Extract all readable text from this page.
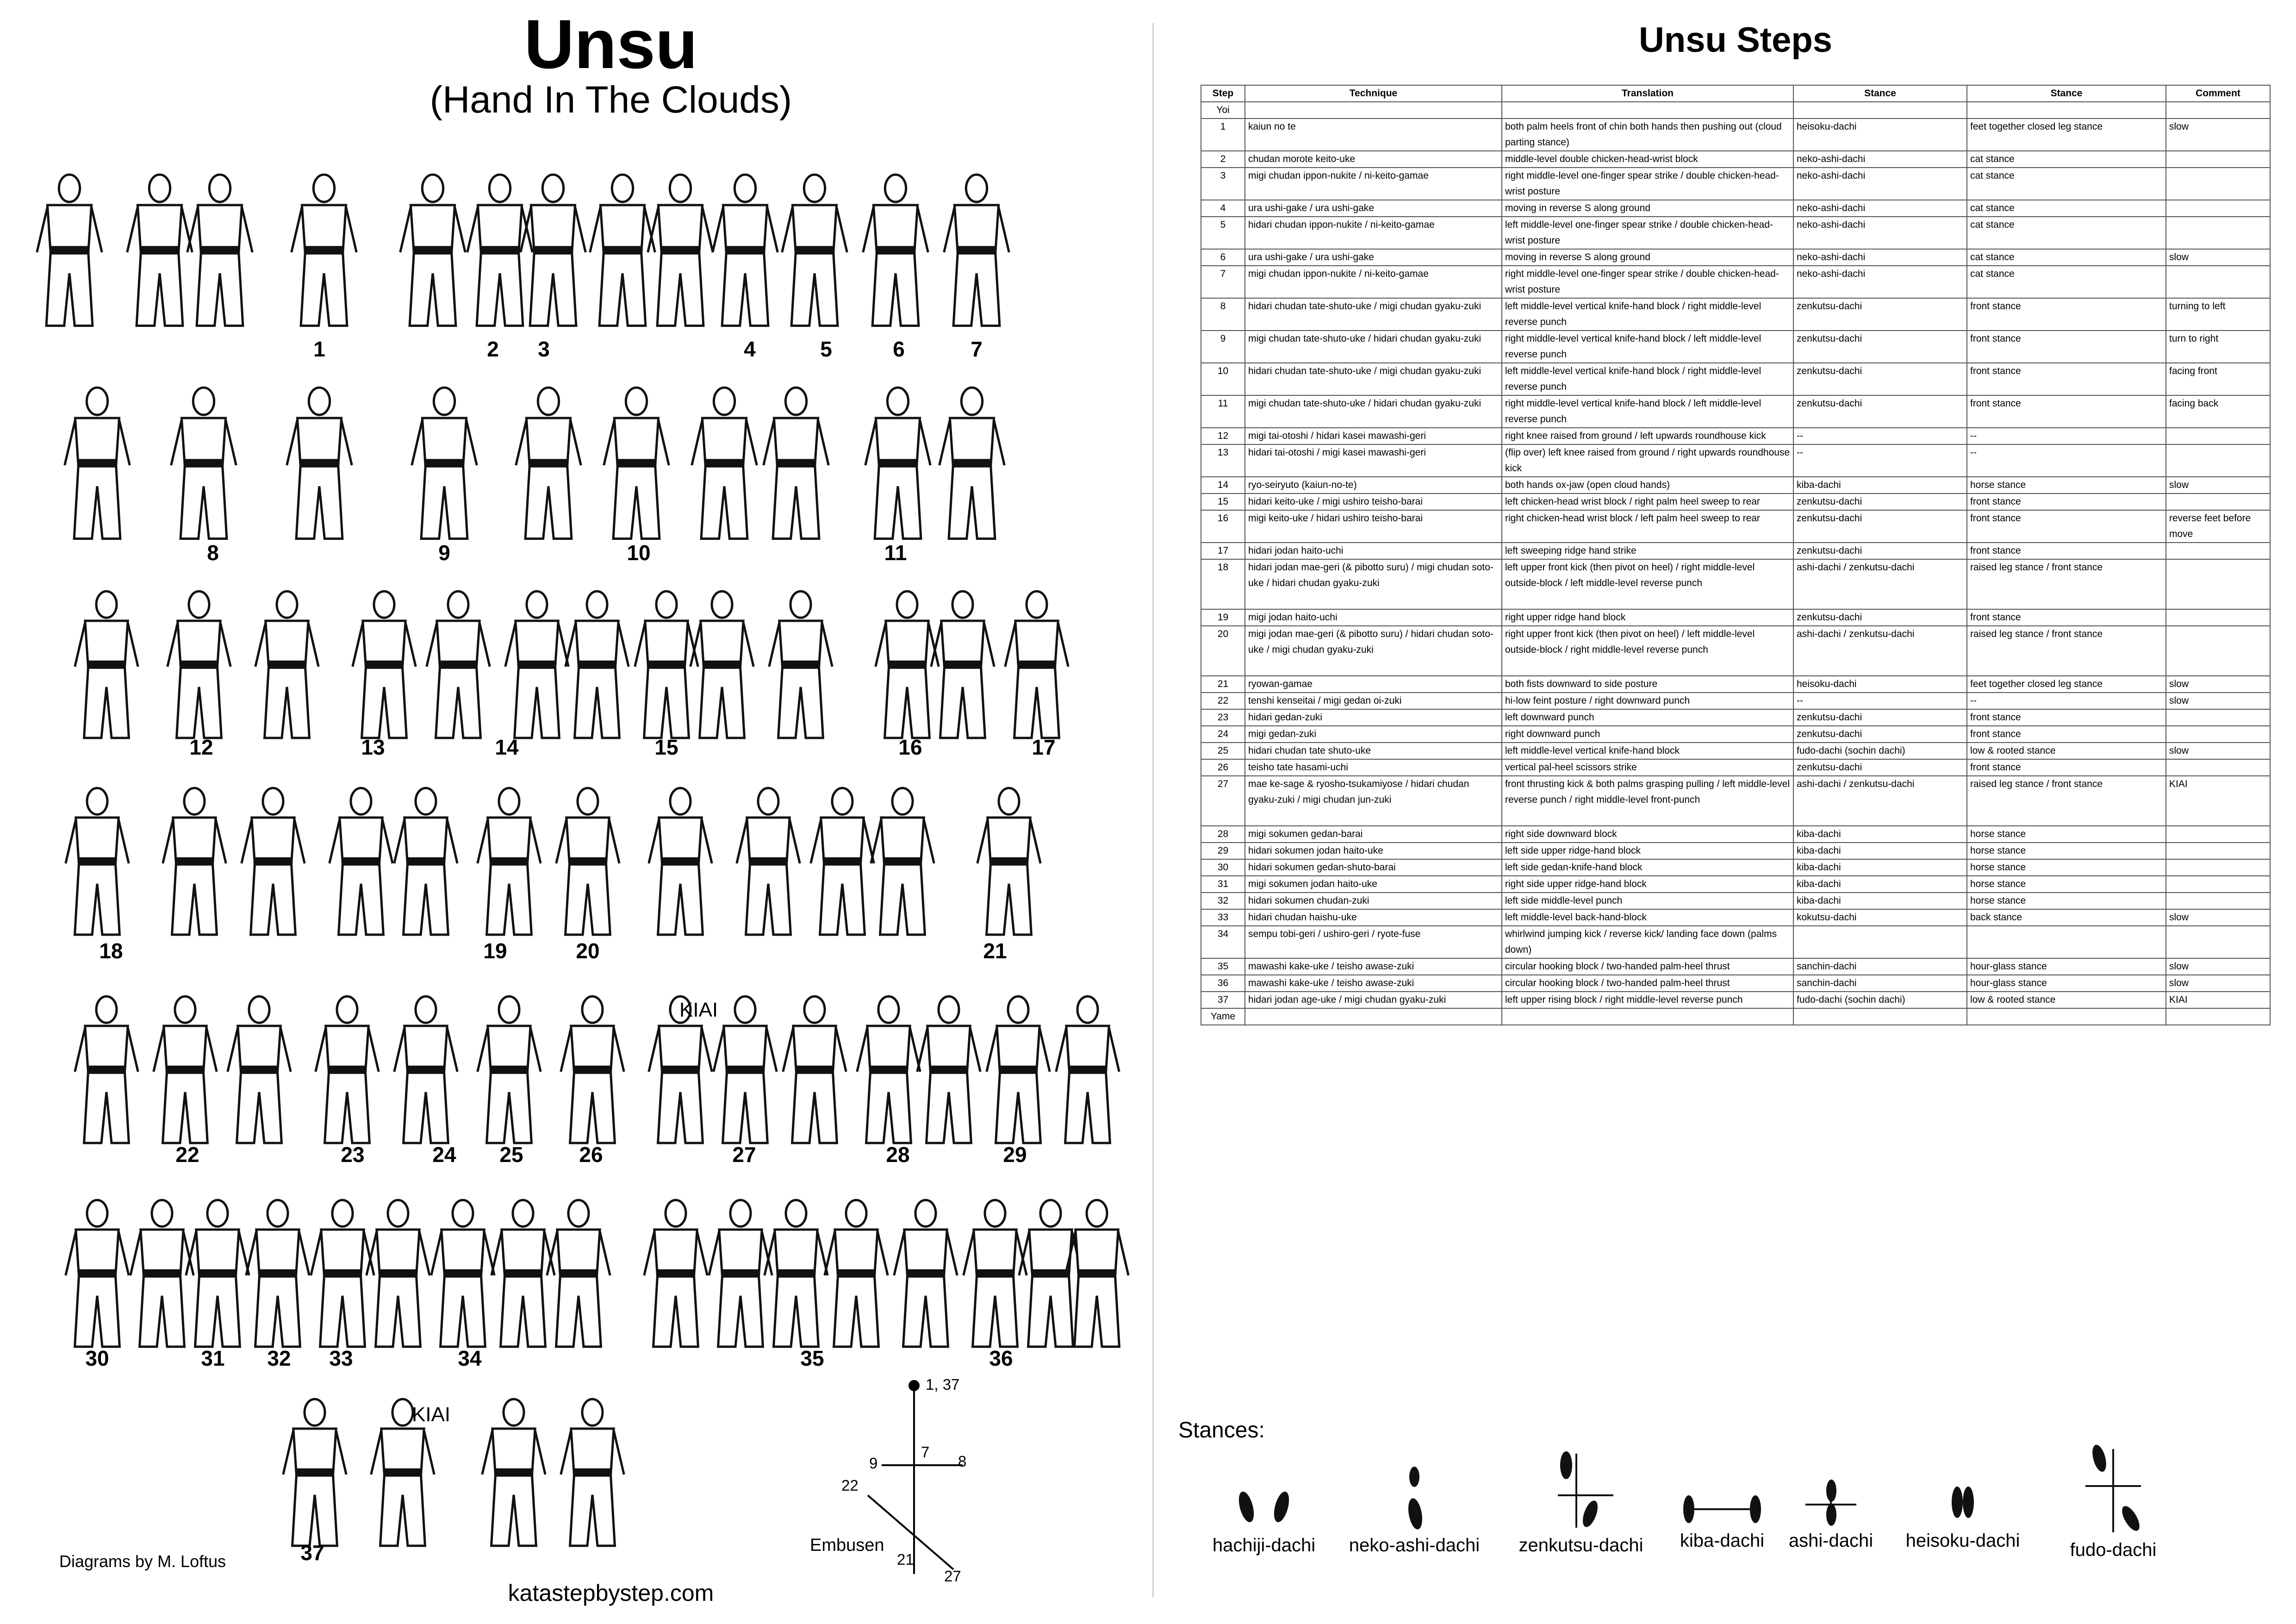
Unsu
(Hand In The Clouds)
1	2 3	4	5	6	7
8	9	10	11
12	13	14	15	16	17
18	19	20	21
22	23	24 25	26	27	28	29
30	31 32 33	34	35	36
37
KIAI
KIAI
1, 37
7
9	8
22
21
27
Embusen
Diagrams by M. Loftus
katastepbystep.com
Unsu Steps
Step	Technique	Translation	Stance	Stance	Comment
Yoi					
1	kaiun no te	both palm heels front of chin both hands then pushing out (cloud parting stance)	heisoku-dachi	feet together closed leg stance	slow
2	chudan morote keito-uke	middle-level double chicken-head-wrist block	neko-ashi-dachi	cat stance	
3	migi chudan ippon-nukite / ni-keito-gamae	right middle-level one-finger spear strike / double chicken-head-wrist posture	neko-ashi-dachi	cat stance	
4	ura ushi-gake / ura ushi-gake	moving in reverse S along ground	neko-ashi-dachi	cat stance	
5	hidari chudan ippon-nukite / ni-keito-gamae	left middle-level one-finger spear strike / double chicken-head-wrist posture	neko-ashi-dachi	cat stance	
6	ura ushi-gake / ura ushi-gake	moving in reverse S along ground	neko-ashi-dachi	cat stance	slow
7	migi chudan ippon-nukite / ni-keito-gamae	right middle-level one-finger spear strike / double chicken-head-wrist posture	neko-ashi-dachi	cat stance	
8	hidari chudan tate-shuto-uke / migi chudan gyaku-zuki	left middle-level vertical knife-hand block / right middle-level reverse punch	zenkutsu-dachi	front stance	turning to left
9	migi chudan tate-shuto-uke / hidari chudan gyaku-zuki	right middle-level vertical knife-hand block / left middle-level reverse punch	zenkutsu-dachi	front stance	turn to right
10	hidari chudan tate-shuto-uke / migi chudan gyaku-zuki	left middle-level vertical knife-hand block / right middle-level reverse punch	zenkutsu-dachi	front stance	facing front
11	migi chudan tate-shuto-uke / hidari chudan gyaku-zuki	right middle-level vertical knife-hand block / left middle-level reverse punch	zenkutsu-dachi	front stance	facing back
12	migi tai-otoshi / hidari kasei mawashi-geri	right knee raised from ground / left upwards roundhouse kick	--	--	
13	hidari tai-otoshi / migi kasei mawashi-geri	(flip over) left knee raised from ground / right upwards roundhouse kick	--	--	
14	ryo-seiryuto (kaiun-no-te)	both hands ox-jaw (open cloud hands)	kiba-dachi	horse stance	slow
15	hidari keito-uke / migi ushiro teisho-barai	left chicken-head wrist block / right palm heel sweep to rear	zenkutsu-dachi	front stance	
16	migi keito-uke / hidari ushiro teisho-barai	right chicken-head wrist block / left palm heel sweep to rear	zenkutsu-dachi	front stance	reverse feet before move
17	hidari jodan haito-uchi	left sweeping ridge hand strike	zenkutsu-dachi	front stance	
18	hidari jodan mae-geri (& pibotto suru) / migi chudan soto-uke / hidari chudan gyaku-zuki	left upper front kick (then pivot on heel) / right middle-level outside-block / left middle-level reverse punch	ashi-dachi / zenkutsu-dachi	raised leg stance / front stance	
19	migi jodan haito-uchi	right upper ridge hand block	zenkutsu-dachi	front stance	
20	migi jodan mae-geri (& pibotto suru) / hidari chudan soto-uke / migi chudan gyaku-zuki	right upper front kick (then pivot on heel) / left middle-level outside-block / right middle-level reverse punch	ashi-dachi / zenkutsu-dachi	raised leg stance / front stance	
21	ryowan-gamae	both fists downward to side posture	heisoku-dachi	feet together closed leg stance	slow
22	tenshi kenseitai / migi gedan oi-zuki	hi-low feint posture / right downward punch	--	--	slow
23	hidari gedan-zuki	left downward punch	zenkutsu-dachi	front stance	
24	migi gedan-zuki	right downward punch	zenkutsu-dachi	front stance	
25	hidari chudan tate shuto-uke	left middle-level vertical knife-hand block	fudo-dachi (sochin dachi)	low & rooted stance	slow
26	teisho tate hasami-uchi	vertical pal-heel scissors strike	zenkutsu-dachi	front stance	
27	mae ke-sage & ryosho-tsukamiyose / hidari chudan gyaku-zuki / migi chudan jun-zuki	front thrusting kick & both palms grasping pulling / left middle-level reverse punch / right middle-level front-punch	ashi-dachi / zenkutsu-dachi	raised leg stance / front stance	KIAI
28	migi sokumen gedan-barai	right side downward block	kiba-dachi	horse stance	
29	hidari sokumen jodan haito-uke	left side upper ridge-hand block	kiba-dachi	horse stance	
30	hidari sokumen gedan-shuto-barai	left side gedan-knife-hand block	kiba-dachi	horse stance	
31	migi sokumen jodan haito-uke	right side upper ridge-hand block	kiba-dachi	horse stance	
32	hidari sokumen chudan-zuki	left side middle-level punch	kiba-dachi	horse stance	
33	hidari chudan haishu-uke	left middle-level back-hand-block	kokutsu-dachi	back stance	slow
34	sempu tobi-geri / ushiro-geri / ryote-fuse	whirlwind jumping kick / reverse kick/ landing face down (palms down)			
35	mawashi kake-uke / teisho awase-zuki	circular hooking block / two-handed palm-heel thrust	sanchin-dachi	hour-glass stance	slow
36	mawashi kake-uke / teisho awase-zuki	circular hooking block / two-handed palm-heel thrust	sanchin-dachi	hour-glass stance	slow
37	hidari jodan age-uke / migi chudan gyaku-zuki	left upper rising block / right middle-level reverse punch	fudo-dachi (sochin dachi)	low & rooted stance	KIAI
Yame					
Stances:
hachiji-dachi	neko-ashi-dachi	zenkutsu-dachi	kiba-dachi	ashi-dachi heisoku-dachi	fudo-dachi
